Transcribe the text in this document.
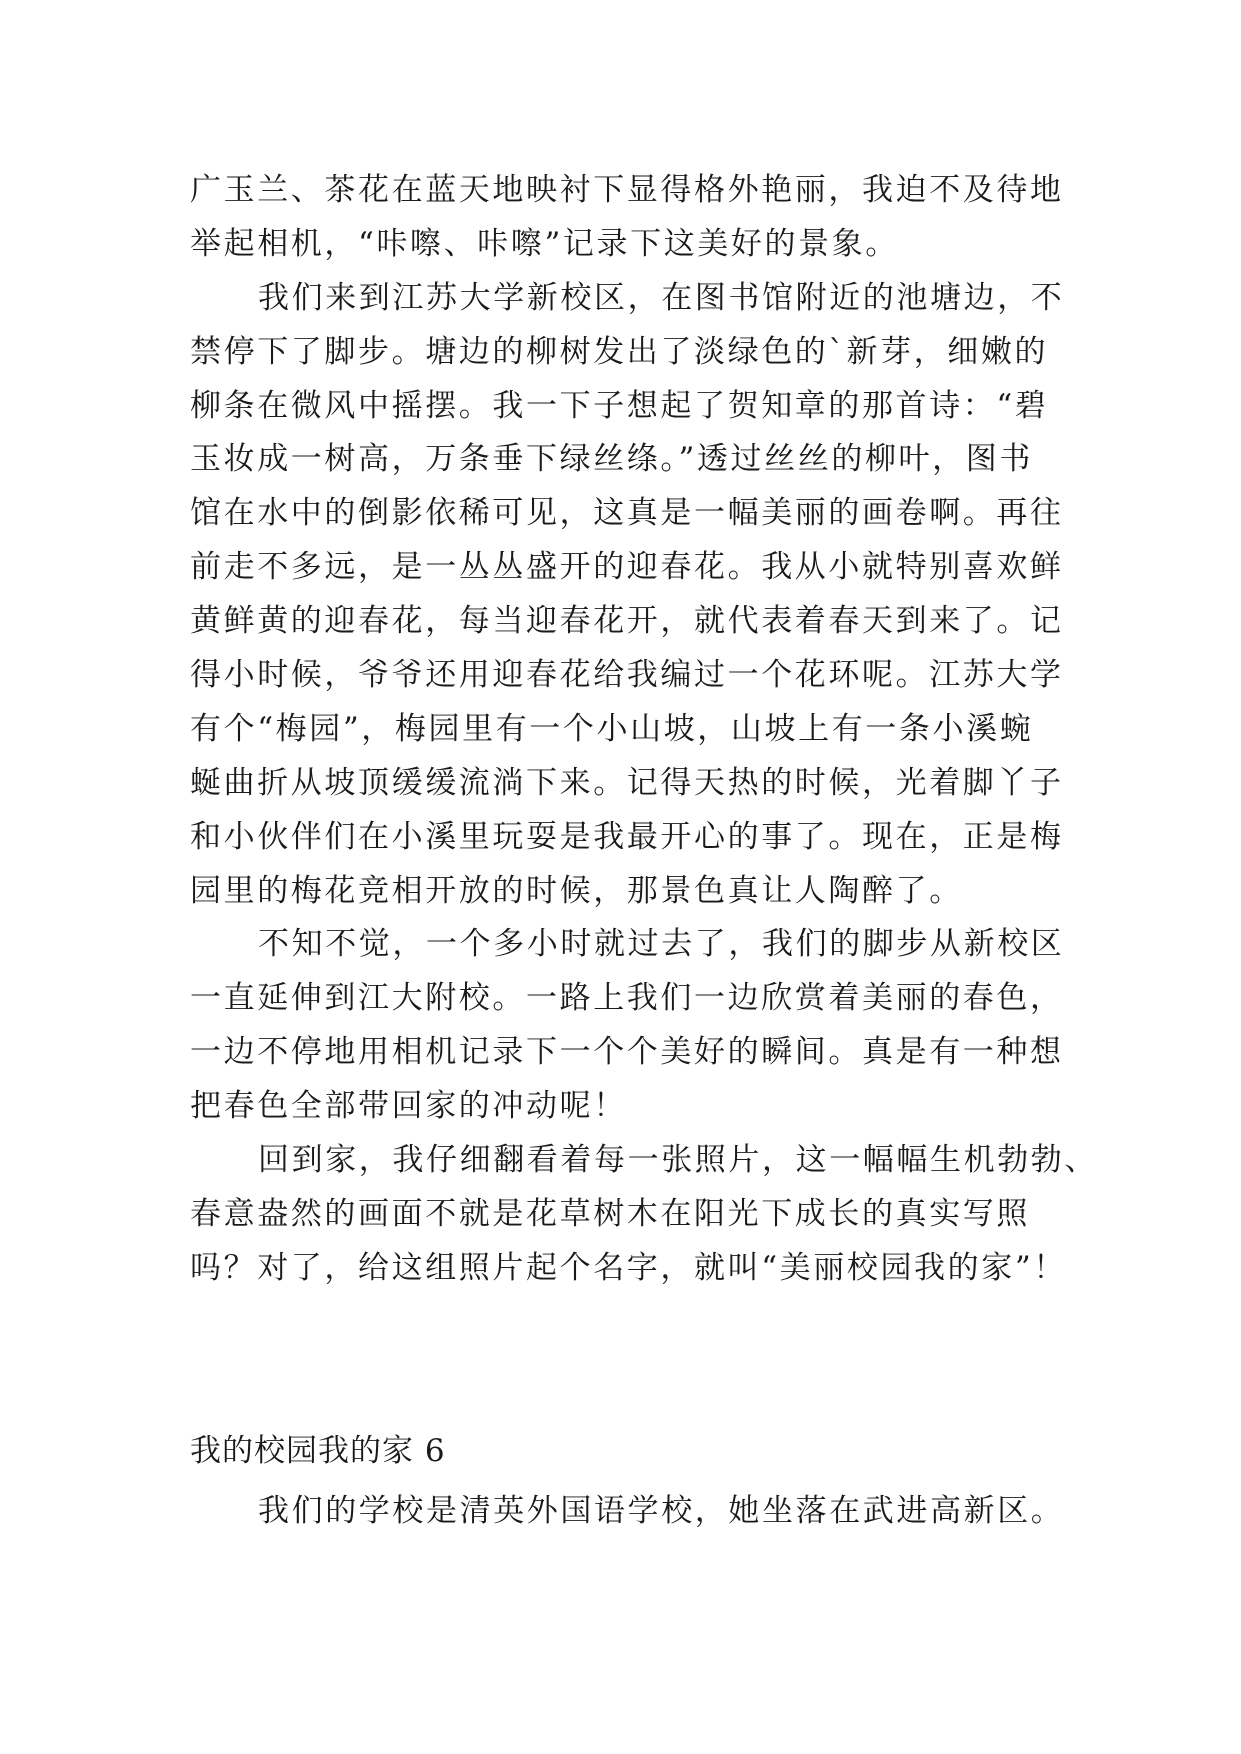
广玉兰、茶花在蓝天地映衬下显得格外艳丽，我迫不及待地
举起相机，“咔嚓、咔嚓”记录下这美好的景象。
我们来到江苏大学新校区，在图书馆附近的池塘边，不
禁停下了脚步。塘边的柳树发出了淡绿色的`新芽，细嫩的
柳条在微风中摇摆。我一下子想起了贺知章的那首诗：“碧
玉妆成一树高，万条垂下绿丝绦。”透过丝丝的柳叶，图书
馆在水中的倒影依稀可见，这真是一幅美丽的画卷啊。再往
前走不多远，是一丛丛盛开的迎春花。我从小就特别喜欢鲜
黄鲜黄的迎春花，每当迎春花开，就代表着春天到来了。记
得小时候，爷爷还用迎春花给我编过一个花环呢。江苏大学
有个“梅园”，梅园里有一个小山坡，山坡上有一条小溪蜿
蜒曲折从坡顶缓缓流淌下来。记得天热的时候，光着脚丫子
和小伙伴们在小溪里玩耍是我最开心的事了。现在，正是梅
园里的梅花竞相开放的时候，那景色真让人陶醉了。
不知不觉，一个多小时就过去了，我们的脚步从新校区
一直延伸到江大附校。一路上我们一边欣赏着美丽的春色，
一边不停地用相机记录下一个个美好的瞬间。真是有一种想
把春色全部带回家的冲动呢！
回到家，我仔细翻看着每一张照片，这一幅幅生机勃勃、
春意盎然的画面不就是花草树木在阳光下成长的真实写照
吗？对了，给这组照片起个名字，就叫“美丽校园我的家”！
我的校园我的家 6
我们的学校是清英外国语学校，她坐落在武进高新区。
